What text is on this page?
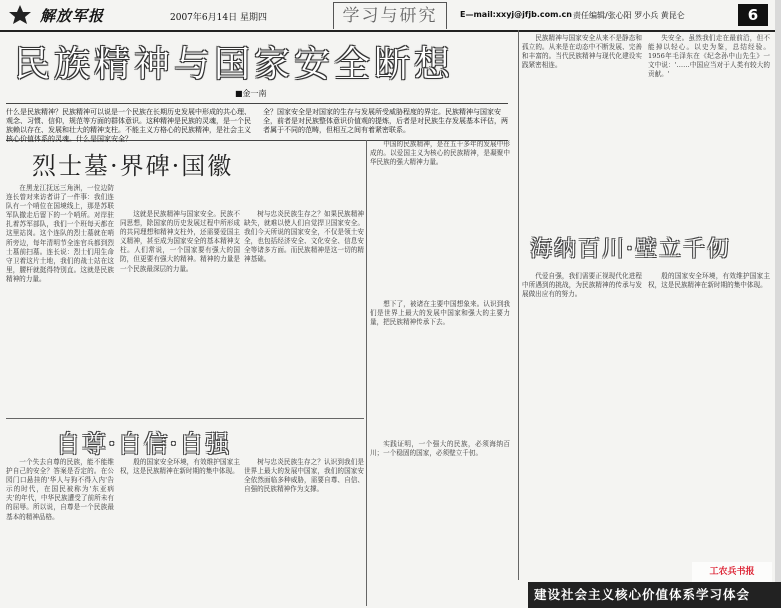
解放军报	2007年6月14日 星期四	学习与研究	E—mail:xxyj@jfjb.com.cn 责任编辑/张心阳 罗小兵 黄昆仑	6
民族精神与国家安全断想
■金一南
什么是民族精神？民族精神可以说是一个民族在长期历史发展中形成的共心理、观念、习惯、信仰，规范等方面的群体意识。这种精神是民族的灵魂，是一个民族赖以存在、发展和壮大的精神支柱。不能主义方格心的民族精神，是社会主义核心价值体系的灵魂。什么是国家安全？
全？国家安全是对国家的生存与发展所受威胁程度的界定。民族精神与国家安全，前者是对民族整体意识价值观的提炼，后者是对民族生存发展基本评估，两者属于不同的范畴，但相互之间有着紧密联系。
烈士墓·界碑·国徽

在黑龙江抚远三角洲，一位边防连长曾对来访者讲了一件事：我们连队有一个哨位在国境线上，那是苏联军队撤走后留下的一个哨所。对岸驻扎着苏军部队，我们一个班每天都在这里站岗。这个连队的烈士墓就在哨所旁边，每年清明节全连官兵都到烈士墓前扫墓。连长说：烈士们用生命守卫着这片土地，我们的战士站在这里，腰杆就挺得特别直。这就是民族精神的力量。

这就是民族精神与国家安全。民族不同思想，除国家的历史发展过程中所形成的共同理想和精神支柱外，还需要爱国主义精神，甚至成为国家安全的基本精神支柱。人们常说，一个国家要有强大的国防，但更要有强大的精神。精神的力量是一个民族最深层的力量。

树与忠炎民族生存之？如果民族精神缺失，就难以使人们自觉捍卫国家安全。我们今天所说的国家安全，不仅是领土安全，也包括经济安全、文化安全、信息安全等诸多方面。而民族精神是这一切的精神基础。

自尊·自信·自强

一个失去自尊的民族，能不能维护自己的安全？答案是否定的。在公园门口悬挂的'华人与狗不得入内'告示的时代，在国民被称为'东亚病夫'的年代，中华民族遭受了前所未有的屈辱。所以说，自尊是一个民族最基本的精神品格。

殷的国家安全环境，有效维护国家主权，这是民族精神在新时期的集中体现。

树与忠炎民族生存之？认识到我们是世界上最大的发展中国家，我们的国家安全依然面临多种威胁，需要自尊、自信、自强的民族精神作为支撑。

中国的民族精神，是在五千多年的发展中形成的。以爱国主义为核心的民族精神，是凝聚中华民族的强大精神力量。

想下了，被诸在主要中国想象来。认识到我们是世界上最大的发展中国家和强大的主要力量，把民族精神传承下去。

实践证明，一个强大的民族，必须海纳百川；一个稳固的国家，必须壁立千仞。

民族精神与国家安全从来不是静态和孤立的。从来是在动态中不断发展、完善和丰富的。当代民族精神与现代化建设实践紧密相连。

失安全。虽然我们走在最前沿，但不能掉以轻心。以史为鉴，总结经验。1956年毛泽东在《纪念孙中山先生》一文中说：'……中国应当对于人类有较大的贡献。'

海纳百川·壁立千仞

代爱自强，我们需要正视现代化进程中所遇到的挑战，为民族精神的传承与发展做出应有的努力。

殷的国家安全环境，有效维护国家主权，这是民族精神在新时期的集中体现。

建设社会主义核心价值体系学习体会
工农兵书报
